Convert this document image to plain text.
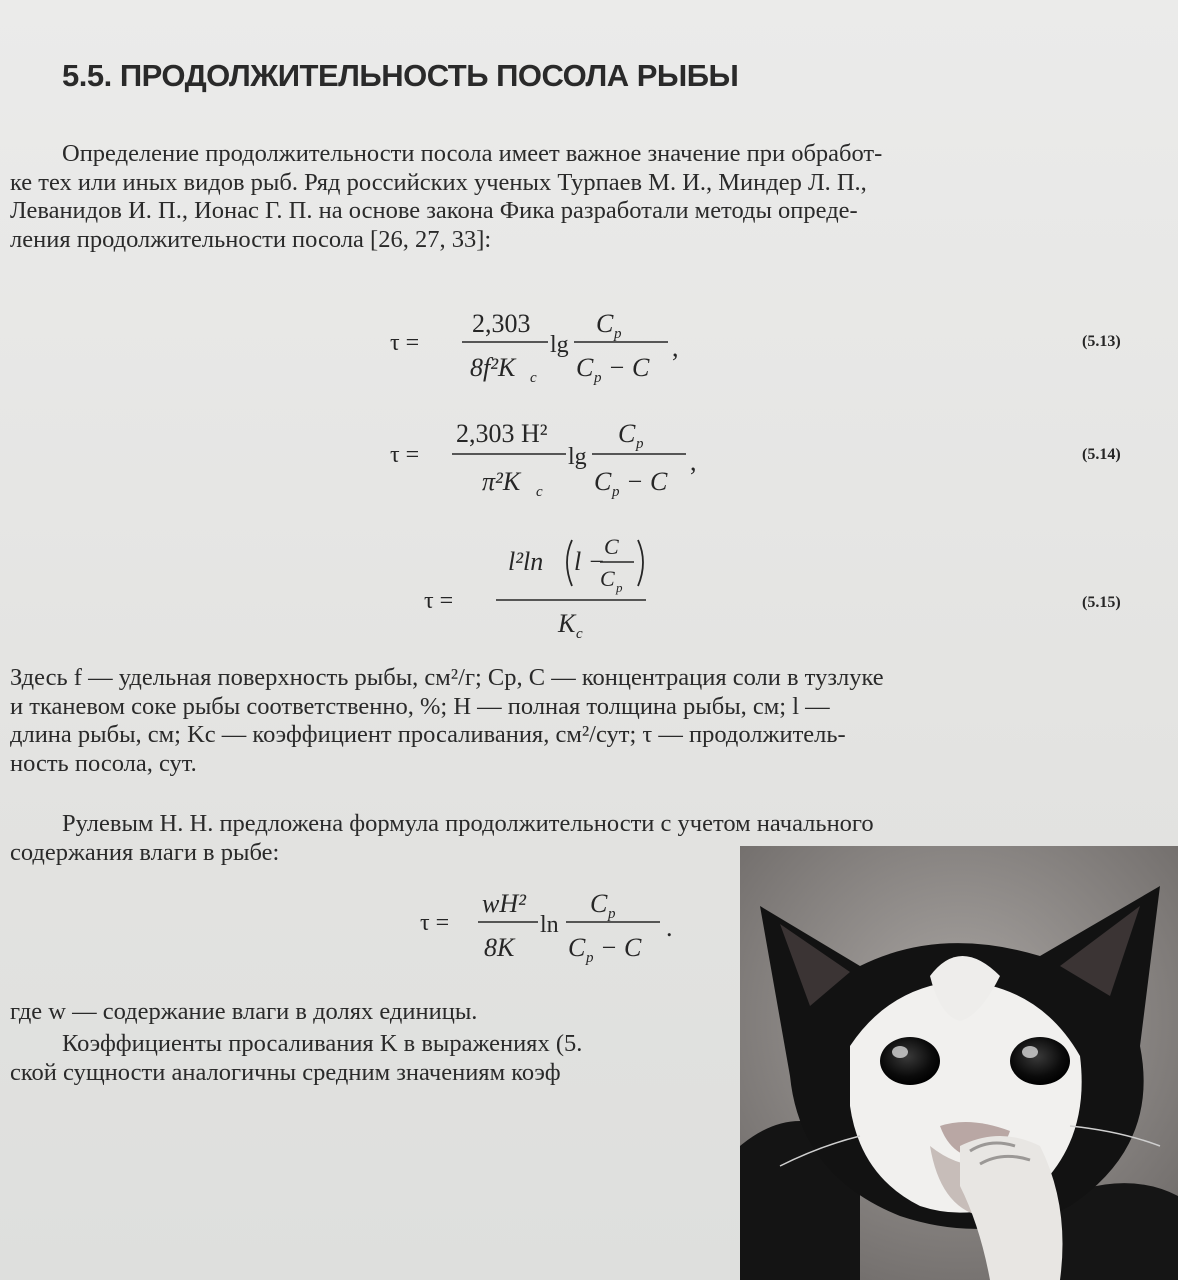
5.5. ПРОДОЛЖИТЕЛЬНОСТЬ ПОСОЛА РЫБЫ
Определение продолжительности посола имеет важное значение при обработ-
ке тех или иных видов рыб. Ряд российских ученых Турпаев М. И., Миндер Л. П.,
Леванидов И. П., Ионас Г. П. на основе закона Фика разработали методы опреде-
ления продолжительности посола [26, 27, 33]:
τ =
2,303
8f²K c
lg
C p
C p − C
,	(5.13)
τ =
2,303 H²
π²K c
lg
C p
C p − C
,	(5.14)
τ =
l²ln l −
C
C p
K c
(5.15)
Здесь f — удельная поверхность рыбы, см²/г; Cp, C — концентрация соли в тузлуке
и тканевом соке рыбы соответственно, %; H — полная толщина рыбы, см; l —
длина рыбы, см; Kc — коэффициент просаливания, см²/сут; τ — продолжитель-
ность посола, сут.
Рулевым Н. Н. предложена формула продолжительности с учетом начального
содержания влаги в рыбе:
τ =
wH²
8K
ln
C p
C p − C
.
где w — содержание влаги в долях единицы.
Коэффициенты просаливания K в выражениях (5.
ской сущности аналогичны средним значениям коэф
